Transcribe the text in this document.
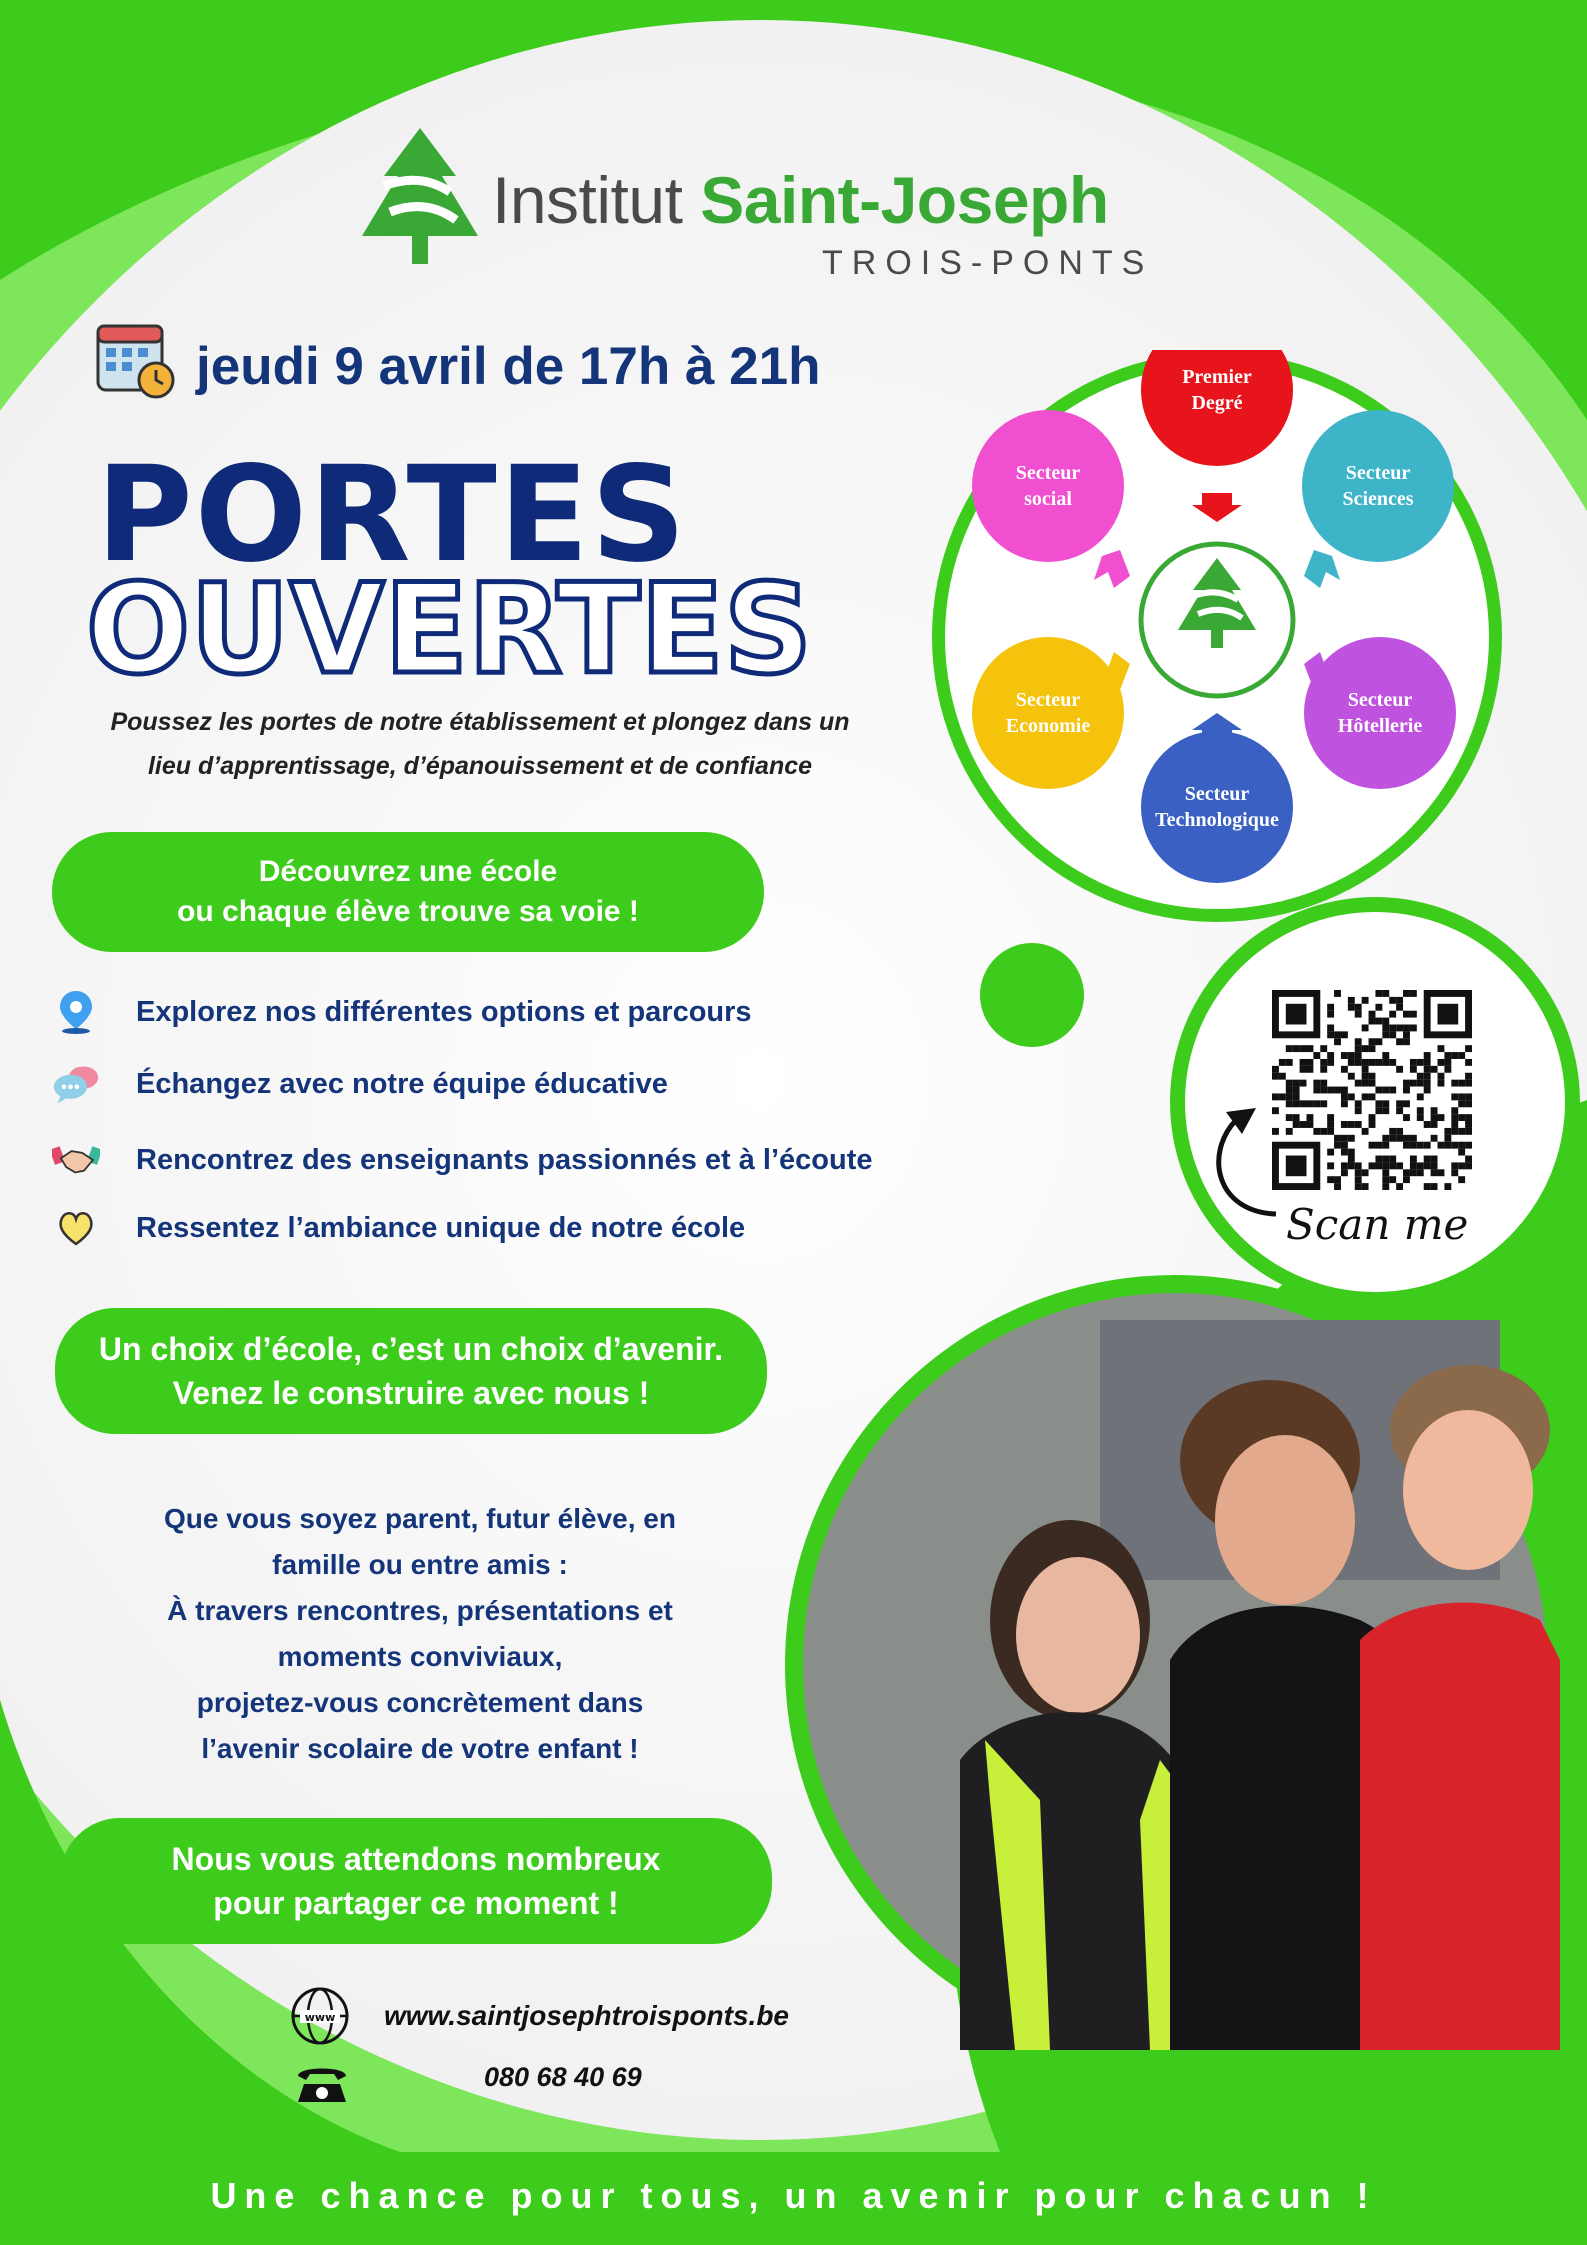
Institut Saint-Joseph
TROIS-PONTS
jeudi 9 avril de 17h à 21h
PORTES
OUVERTES
Poussez les portes de notre établissement et plongez dans un
lieu d’apprentissage, d’épanouissement et de confiance
Découvrez une école
ou chaque élève trouve sa voie !
Explorez nos différentes options et parcours
Échangez avec notre équipe éducative
Rencontrez des enseignants passionnés et à l’écoute
Ressentez l’ambiance unique de notre école
Un choix d’école, c’est un choix d’avenir.
Venez le construire avec nous !
Que vous soyez parent, futur élève, en
famille ou entre amis :
À travers rencontres, présentations et
moments conviviaux,
projetez-vous concrètement dans
l’avenir scolaire de votre enfant !
Nous vous attendons nombreux
pour partager ce moment !
www www.saintjosephtroisponts.be
080 68 40 69
Premier
Degré
Secteur
Sciences
Secteur
Hôtellerie
Secteur
Technologique
Secteur
Economie
Secteur
social
Scan me
Une chance pour tous, un avenir pour chacun !
